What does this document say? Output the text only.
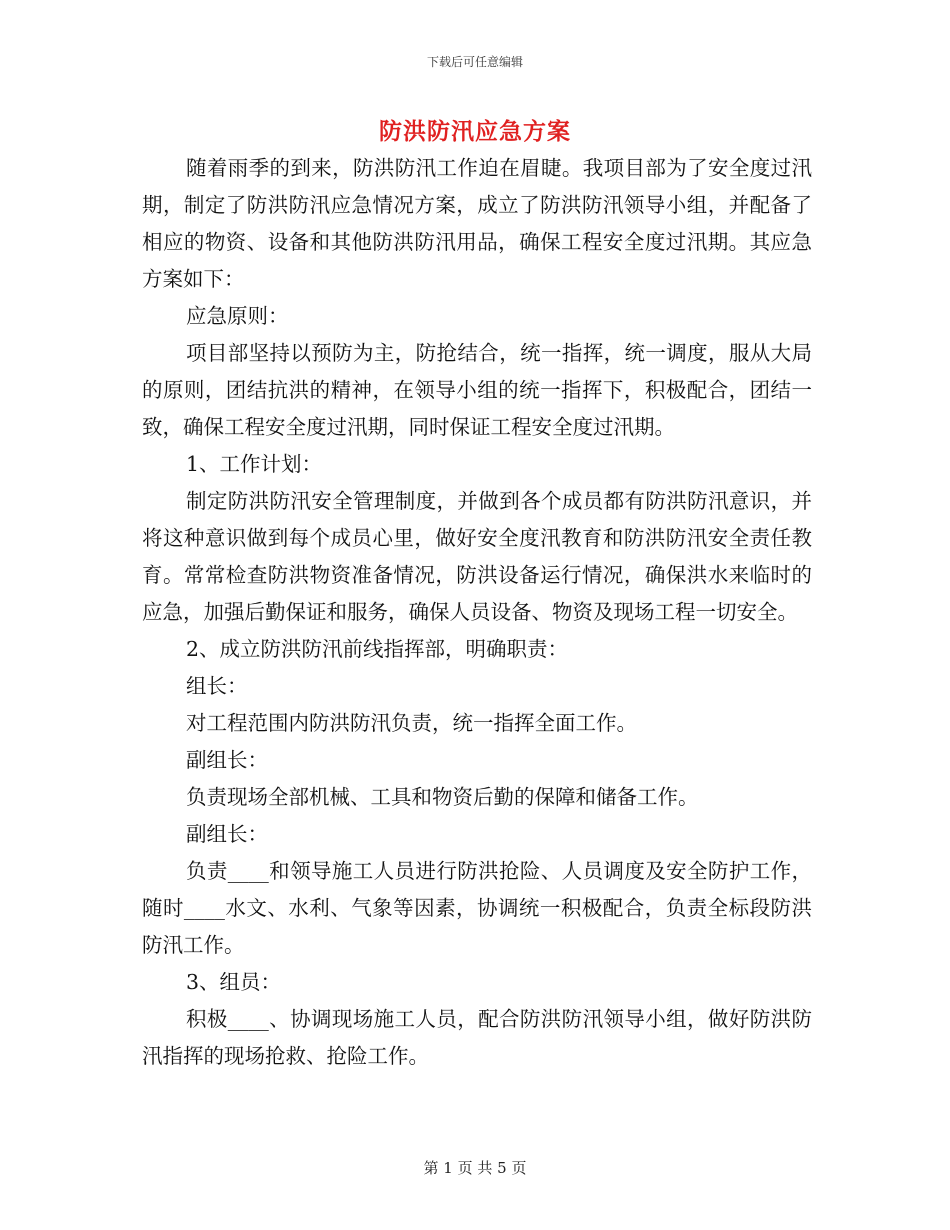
下载后可任意编辑
防洪防汛应急方案

随着雨季的到来，防洪防汛工作迫在眉睫。我项目部为了安全度过汛期，制定了防洪防汛应急情况方案，成立了防洪防汛领导小组，并配备了相应的物资、设备和其他防洪防汛用品，确保工程安全度过汛期。其应急方案如下：

应急原则：

项目部坚持以预防为主，防抢结合，统一指挥，统一调度，服从大局的原则，团结抗洪的精神，在领导小组的统一指挥下，积极配合，团结一致，确保工程安全度过汛期，同时保证工程安全度过汛期。

1、工作计划：

制定防洪防汛安全管理制度，并做到各个成员都有防洪防汛意识，并将这种意识做到每个成员心里，做好安全度汛教育和防洪防汛安全责任教育。常常检查防洪物资准备情况，防洪设备运行情况，确保洪水来临时的应急，加强后勤保证和服务，确保人员设备、物资及现场工程一切安全。

2、成立防洪防汛前线指挥部，明确职责：

组长：

对工程范围内防洪防汛负责，统一指挥全面工作。

副组长：

负责现场全部机械、工具和物资后勤的保障和储备工作。

副组长：

负责____和领导施工人员进行防洪抢险、人员调度及安全防护工作，随时____水文、水利、气象等因素，协调统一积极配合，负责全标段防洪防汛工作。

3、组员：

积极____、协调现场施工人员，配合防洪防汛领导小组，做好防洪防汛指挥的现场抢救、抢险工作。

第 1 页 共 5 页
